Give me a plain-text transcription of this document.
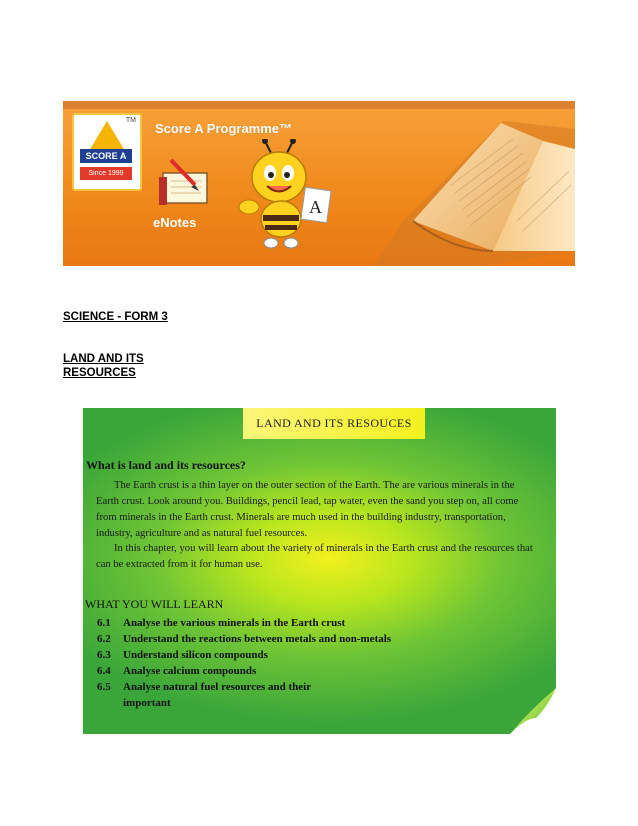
TM
SCORE A
Since 1999
Score A Programme™
A
eNotes

SCIENCE - FORM 3

LAND AND ITS RESOURCES

LAND AND ITS RESOUCES

What is land and its resources?

The Earth crust is a thin layer on the outer section of the Earth. The are various minerals in the Earth crust. Look around you. Buildings, pencil lead, tap water, even the sand you step on, all come from minerals in the Earth crust. Minerals are much used in the building industry, transportation, industry, agriculture and as natural fuel resources.

In this chapter, you will learn about the variety of minerals in the Earth crust and the resources that can be extracted from it for human use.

WHAT YOU WILL LEARN
6.1 Analyse the various minerals in the Earth crust
6.2 Understand the reactions between metals and non-metals
6.3 Understand silicon compounds
6.4 Analyse calcium compounds
6.5 Analyse natural fuel resources and their
important
